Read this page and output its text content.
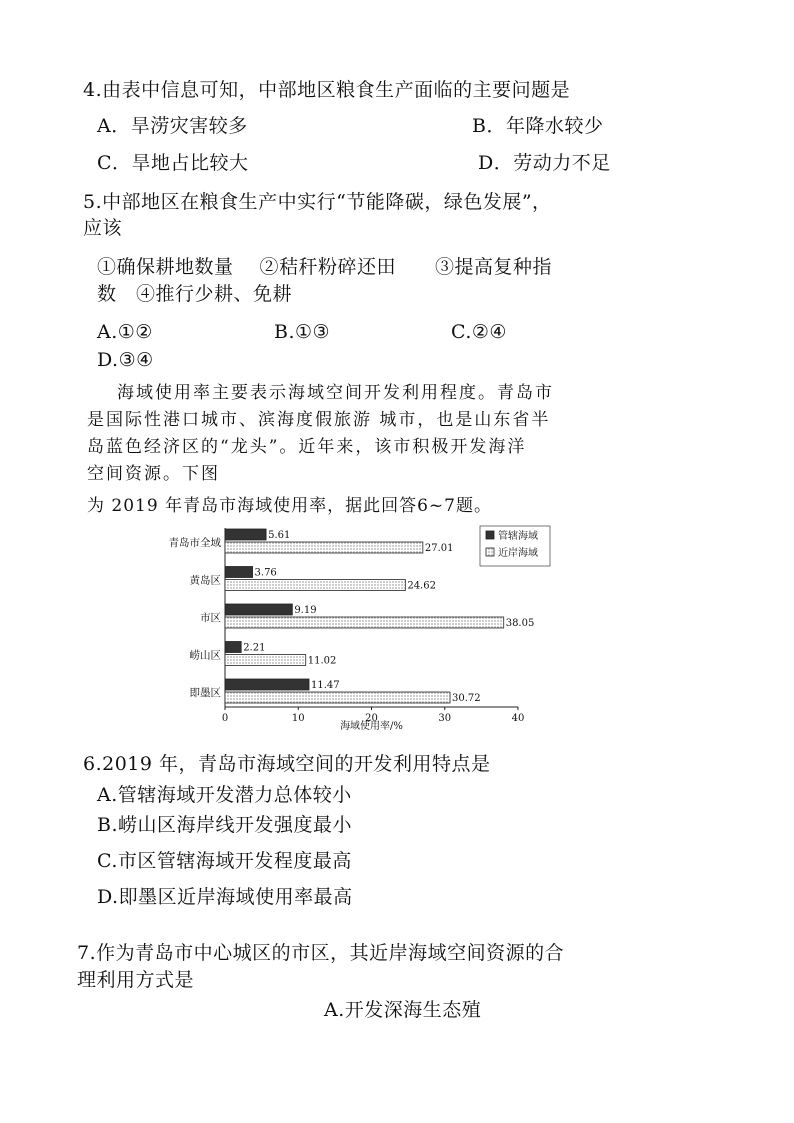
4.由表中信息可知，中部地区粮食生产面临的主要问题是
A．旱涝灾害较多	B．年降水较少
C．旱地占比较大	D．劳动力不足
5.中部地区在粮食生产中实行“节能降碳，绿色发展”，
应该
①确保耕地数量　 ②秸秆粉碎还田　　③提高复种指
数　④推行少耕、免耕
A.①②	B.①③	C.②④
D.③④
海域使用率主要表示海域空间开发利用程度。青岛市
是国际性港口城市、滨海度假旅游 城市，也是山东省半
岛蓝色经济区的“龙头”。近年来，该市积极开发海洋
空间资源。下图
为 2019 年青岛市海域使用率，据此回答6~7题。
0	10	20	30	40
海域使用率/%
青岛市全域
5.61
27.01
黄岛区
3.76
24.62
市区
9.19
38.05
崂山区
2.21
11.02
即墨区
11.47
30.72
管辖海域
近岸海域
6.2019 年，青岛市海域空间的开发利用特点是
A.管辖海域开发潜力总体较小
B.崂山区海岸线开发强度最小
C.市区管辖海域开发程度最高
D.即墨区近岸海域使用率最高
7.作为青岛市中心城区的市区，其近岸海域空间资源的合
理利用方式是
A.开发深海生态殖
